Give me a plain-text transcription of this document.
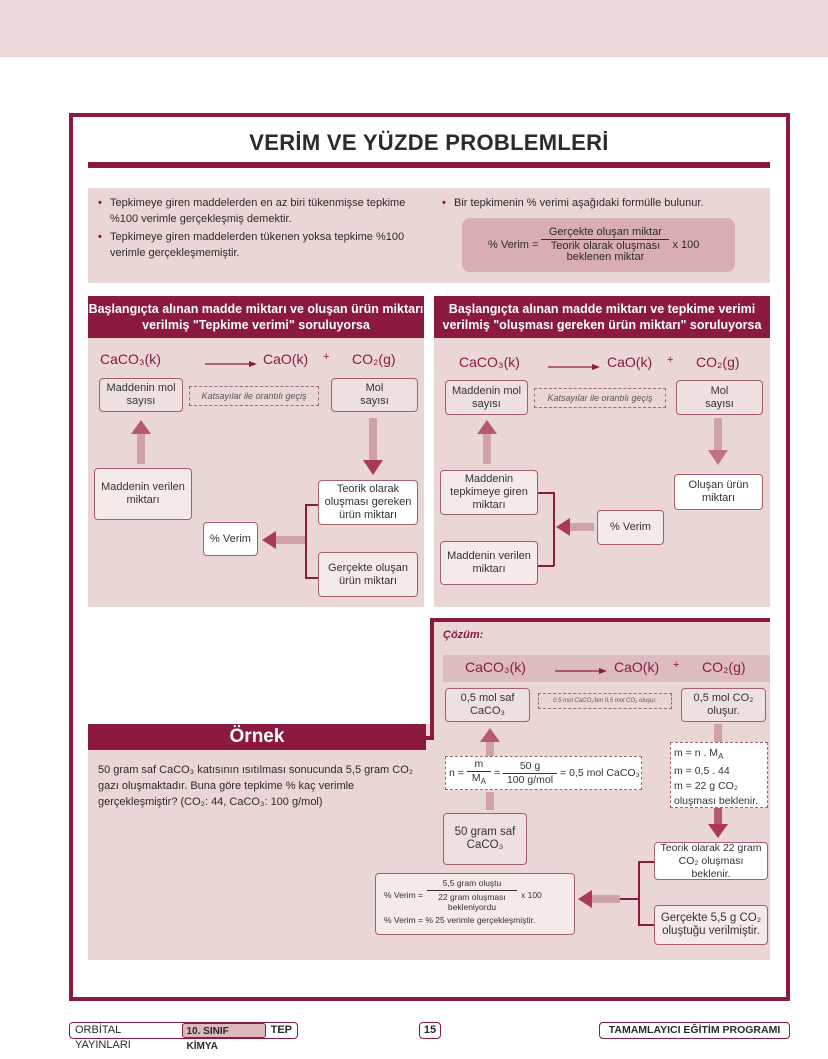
VERİM VE YÜZDE PROBLEMLERİ
• Tepkimeye giren maddelerden en az biri tükenmişse tepkime %100 verimle gerçekleşmiş demektir.
• Tepkimeye giren maddelerden tükenen yoksa tepkime %100 verimle gerçekleşmemiştir.
• Bir tepkimenin % verimi aşağıdaki formülle bulunur.
% Verim = $\frac{\text{Gerçekte oluşan miktar}}{\text{Teorik olarak oluşması beklenen miktar}}$ x 100
Başlangıçta alınan madde miktarı ve oluşan ürün miktarı verilmiş "Tepkime verimi" soruluyorsa
CaCO₃(k)	→ CaO(k) + CO₂(g)
Maddenin mol sayısı	Katsayılar ile orantılı geçiş
Mol sayısı
Maddenin verilen miktarı
Teorik olarak oluşması gereken ürün miktarı
% Verim
Gerçekte oluşan ürün miktarı
Başlangıçta alınan madde miktarı ve tepkime verimi verilmiş "oluşması gereken ürün miktarı" soruluyorsa
CaCO₃(k) → CaO(k) + CO₂(g)
Maddenin mol sayısı	Katsayılar ile orantılı geçiş
Mol sayısı
Maddenin tepkimeye giren miktarı
Oluşan ürün miktarı
% Verim
Maddenin verilen miktarı
Örnek
50 gram saf CaCO₃ katısının ısıtılması sonucunda 5,5 gram CO₂ gazı oluşmaktadır. Buna göre tepkime % kaç verimle gerçekleşmiştir? (CO₂: 44, CaCO₃: 100 g/mol)
Çözüm:
CaCO₃(k) → CaO(k) + CO₂(g)
0,5 mol saf CaCO₃
0,5 mol CaCO₃'ten 0,5 mol CO₂ oluşur.	0,5 mol CO₂ oluşur.
$n = \frac{m}{M_A} = \frac{50 g}{\text{100 g/mol}} = 0,5$ mol CaCO₃
50 gram saf CaCO₃
m = n . $M_A$
m = 0,5 . 44
m = 22 g CO₂
oluşması beklenir.
Teorik olarak 22 gram CO₂ oluşması beklenir.
Gerçekte 5,5 g CO₂ oluştuğu verilmiştir.
% Verim = $\frac{\text{5,5 gram oluştu}}{\text{22 gram oluşması bekleniyordu}}$ x 100
% Verim = % 25 verimle gerçekleşmiştir.
ORBİTAL YAYINLARI
10. SINIF KİMYA
TEP	15	TAMAMLAYICI EĞİTİM PROGRAMI
